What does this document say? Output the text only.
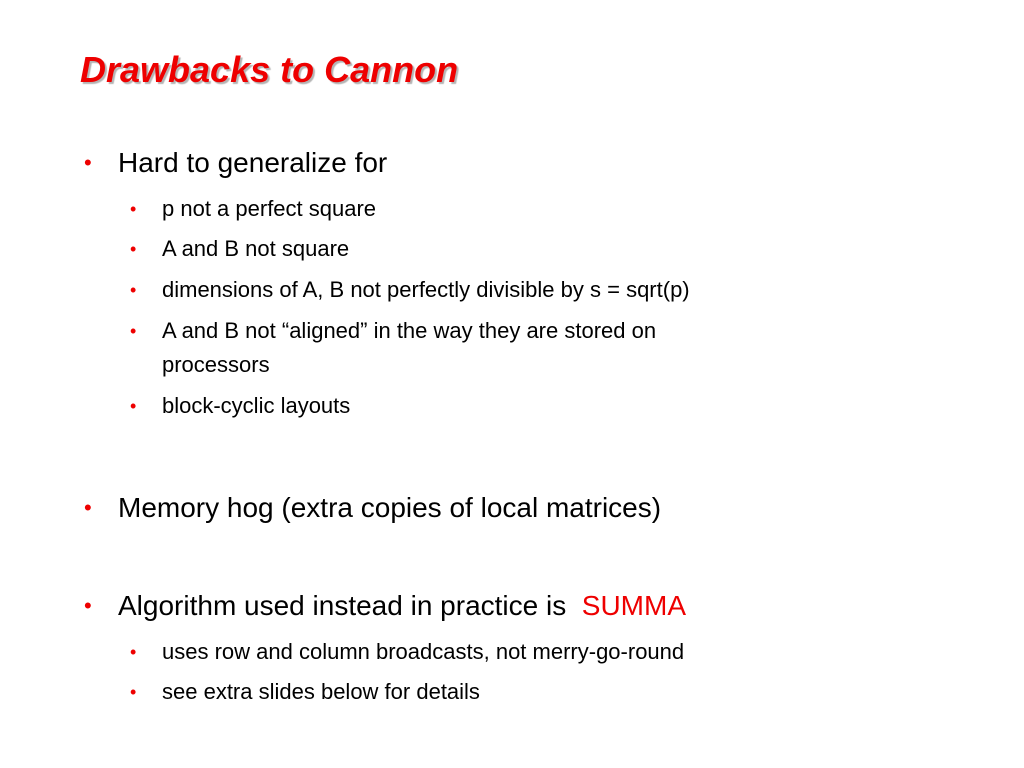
Drawbacks to Cannon
• Hard to generalize for
• p not a perfect square
• A and B not square
• dimensions of A, B not perfectly divisible by s = sqrt(p)
• A and B not “aligned” in the way they are stored on
processors
• block-cyclic layouts
• Memory hog (extra copies of local matrices)
• Algorithm used instead in practice is  SUMMA
• uses row and column broadcasts, not merry-go-round
• see extra slides below for details
